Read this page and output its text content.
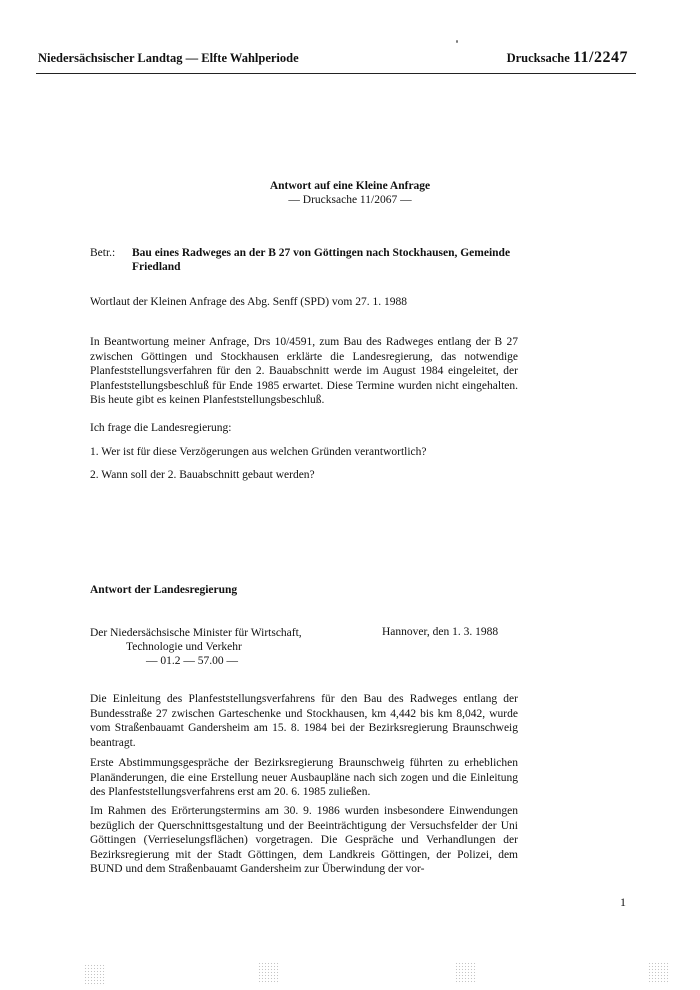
Niedersächsischer Landtag — Elfte Wahlperiode	Drucksache 11/2247
Antwort auf eine Kleine Anfrage
— Drucksache 11/2067 —
Betr.: Bau eines Radweges an der B 27 von Göttingen nach Stockhausen, Gemeinde Friedland
Wortlaut der Kleinen Anfrage des Abg. Senff (SPD) vom 27. 1. 1988
In Beantwortung meiner Anfrage, Drs 10/4591, zum Bau des Radweges entlang der B 27 zwischen Göttingen und Stockhausen erklärte die Landesregierung, das notwendige Planfeststellungsverfahren für den 2. Bauabschnitt werde im August 1984 eingeleitet, der Planfeststellungsbeschluß für Ende 1985 erwartet. Diese Termine wurden nicht eingehalten. Bis heute gibt es keinen Planfeststellungsbeschluß.
Ich frage die Landesregierung:
1. Wer ist für diese Verzögerungen aus welchen Gründen verantwortlich?
2. Wann soll der 2. Bauabschnitt gebaut werden?
Antwort der Landesregierung
Der Niedersächsische Minister für Wirtschaft,
Technologie und Verkehr
— 01.2 — 57.00 —
Hannover, den 1. 3. 1988
Die Einleitung des Planfeststellungsverfahrens für den Bau des Radweges entlang der Bundesstraße 27 zwischen Garteschenke und Stockhausen, km 4,442 bis km 8,042, wurde vom Straßenbauamt Gandersheim am 15. 8. 1984 bei der Bezirksregierung Braunschweig beantragt.
Erste Abstimmungsgespräche der Bezirksregierung Braunschweig führten zu erheblichen Planänderungen, die eine Erstellung neuer Ausbaupläne nach sich zogen und die Einleitung des Planfeststellungsverfahrens erst am 20. 6. 1985 zuließen.
Im Rahmen des Erörterungstermins am 30. 9. 1986 wurden insbesondere Einwendungen bezüglich der Querschnittsgestaltung und der Beeinträchtigung der Versuchsfelder der Uni Göttingen (Verrieselungsflächen) vorgetragen. Die Gespräche und Verhandlungen der Bezirksregierung mit der Stadt Göttingen, dem Landkreis Göttingen, der Polizei, dem BUND und dem Straßenbauamt Gandersheim zur Überwindung der vor-
1
